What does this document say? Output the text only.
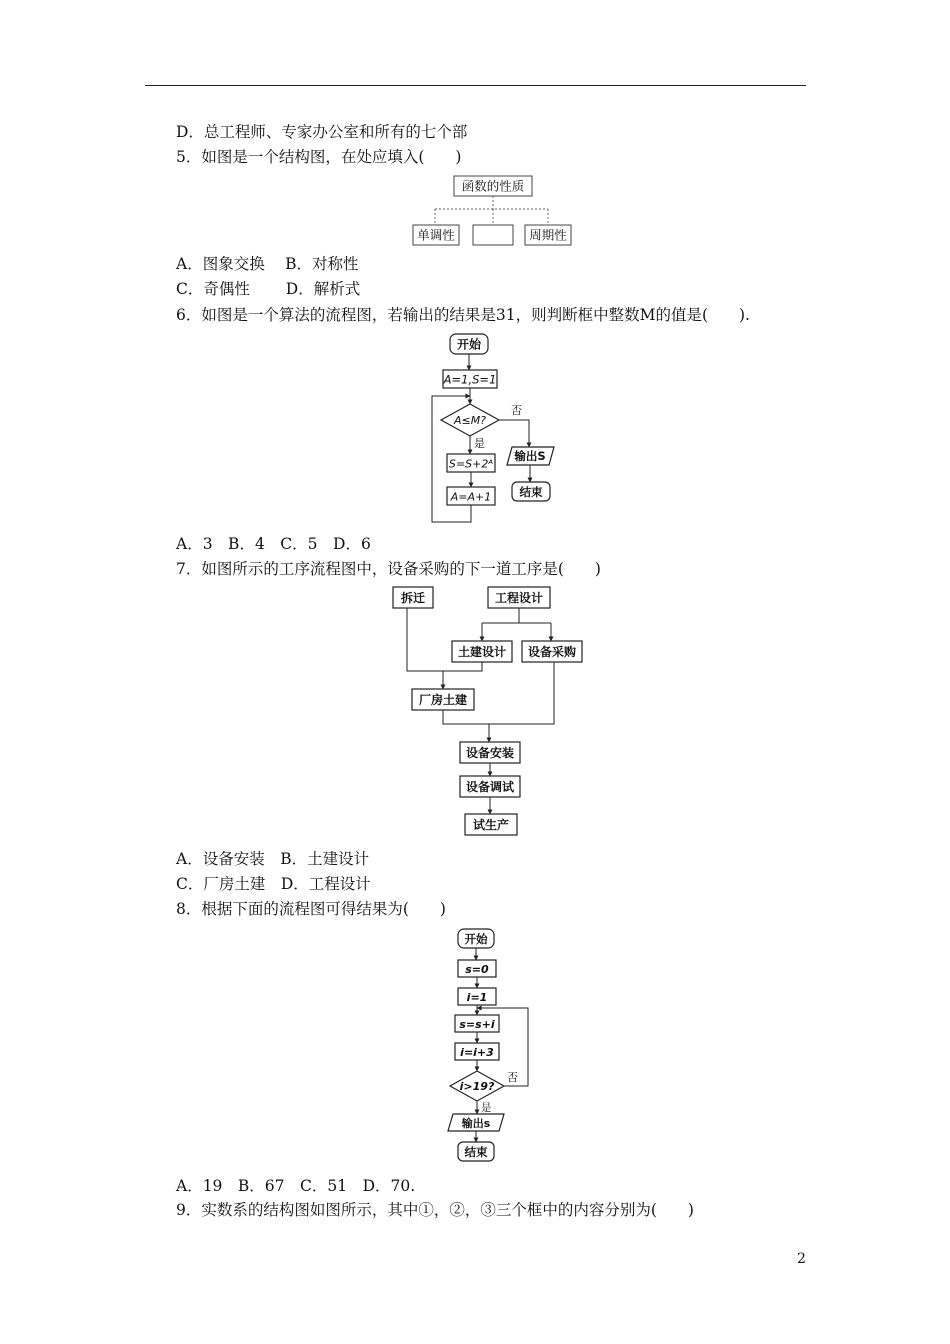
D．总工程师、专家办公室和所有的七个部
5．如图是一个结构图，在处应填入(　　)
函数的性质
单调性	周期性
A．图象交换　 B．对称性
C．奇偶性　　 D．解析式
6．如图是一个算法的流程图，若输出的结果是31，则判断框中整数M的值是(　　).
开始
A=1,S=1
A≤M?
否
输出S
结束
是
S=S+2ᴬ
A=A+1
A．3　B．4　C．5　D．6
7．如图所示的工序流程图中，设备采购的下一道工序是(　　)
拆迁	工程设计
土建设计 设备采购
厂房土建
设备安装
设备调试
试生产
A．设备安装　B．土建设计
C．厂房土建　D．工程设计
8．根据下面的流程图可得结果为(　　)
开始
s=0
i=1
s=s+i
i=i+3
i>19?
否
是
输出s
结束
A．19　B．67　C．51　D．70.
9．实数系的结构图如图所示，其中①，②，③三个框中的内容分别为(　　)
2
